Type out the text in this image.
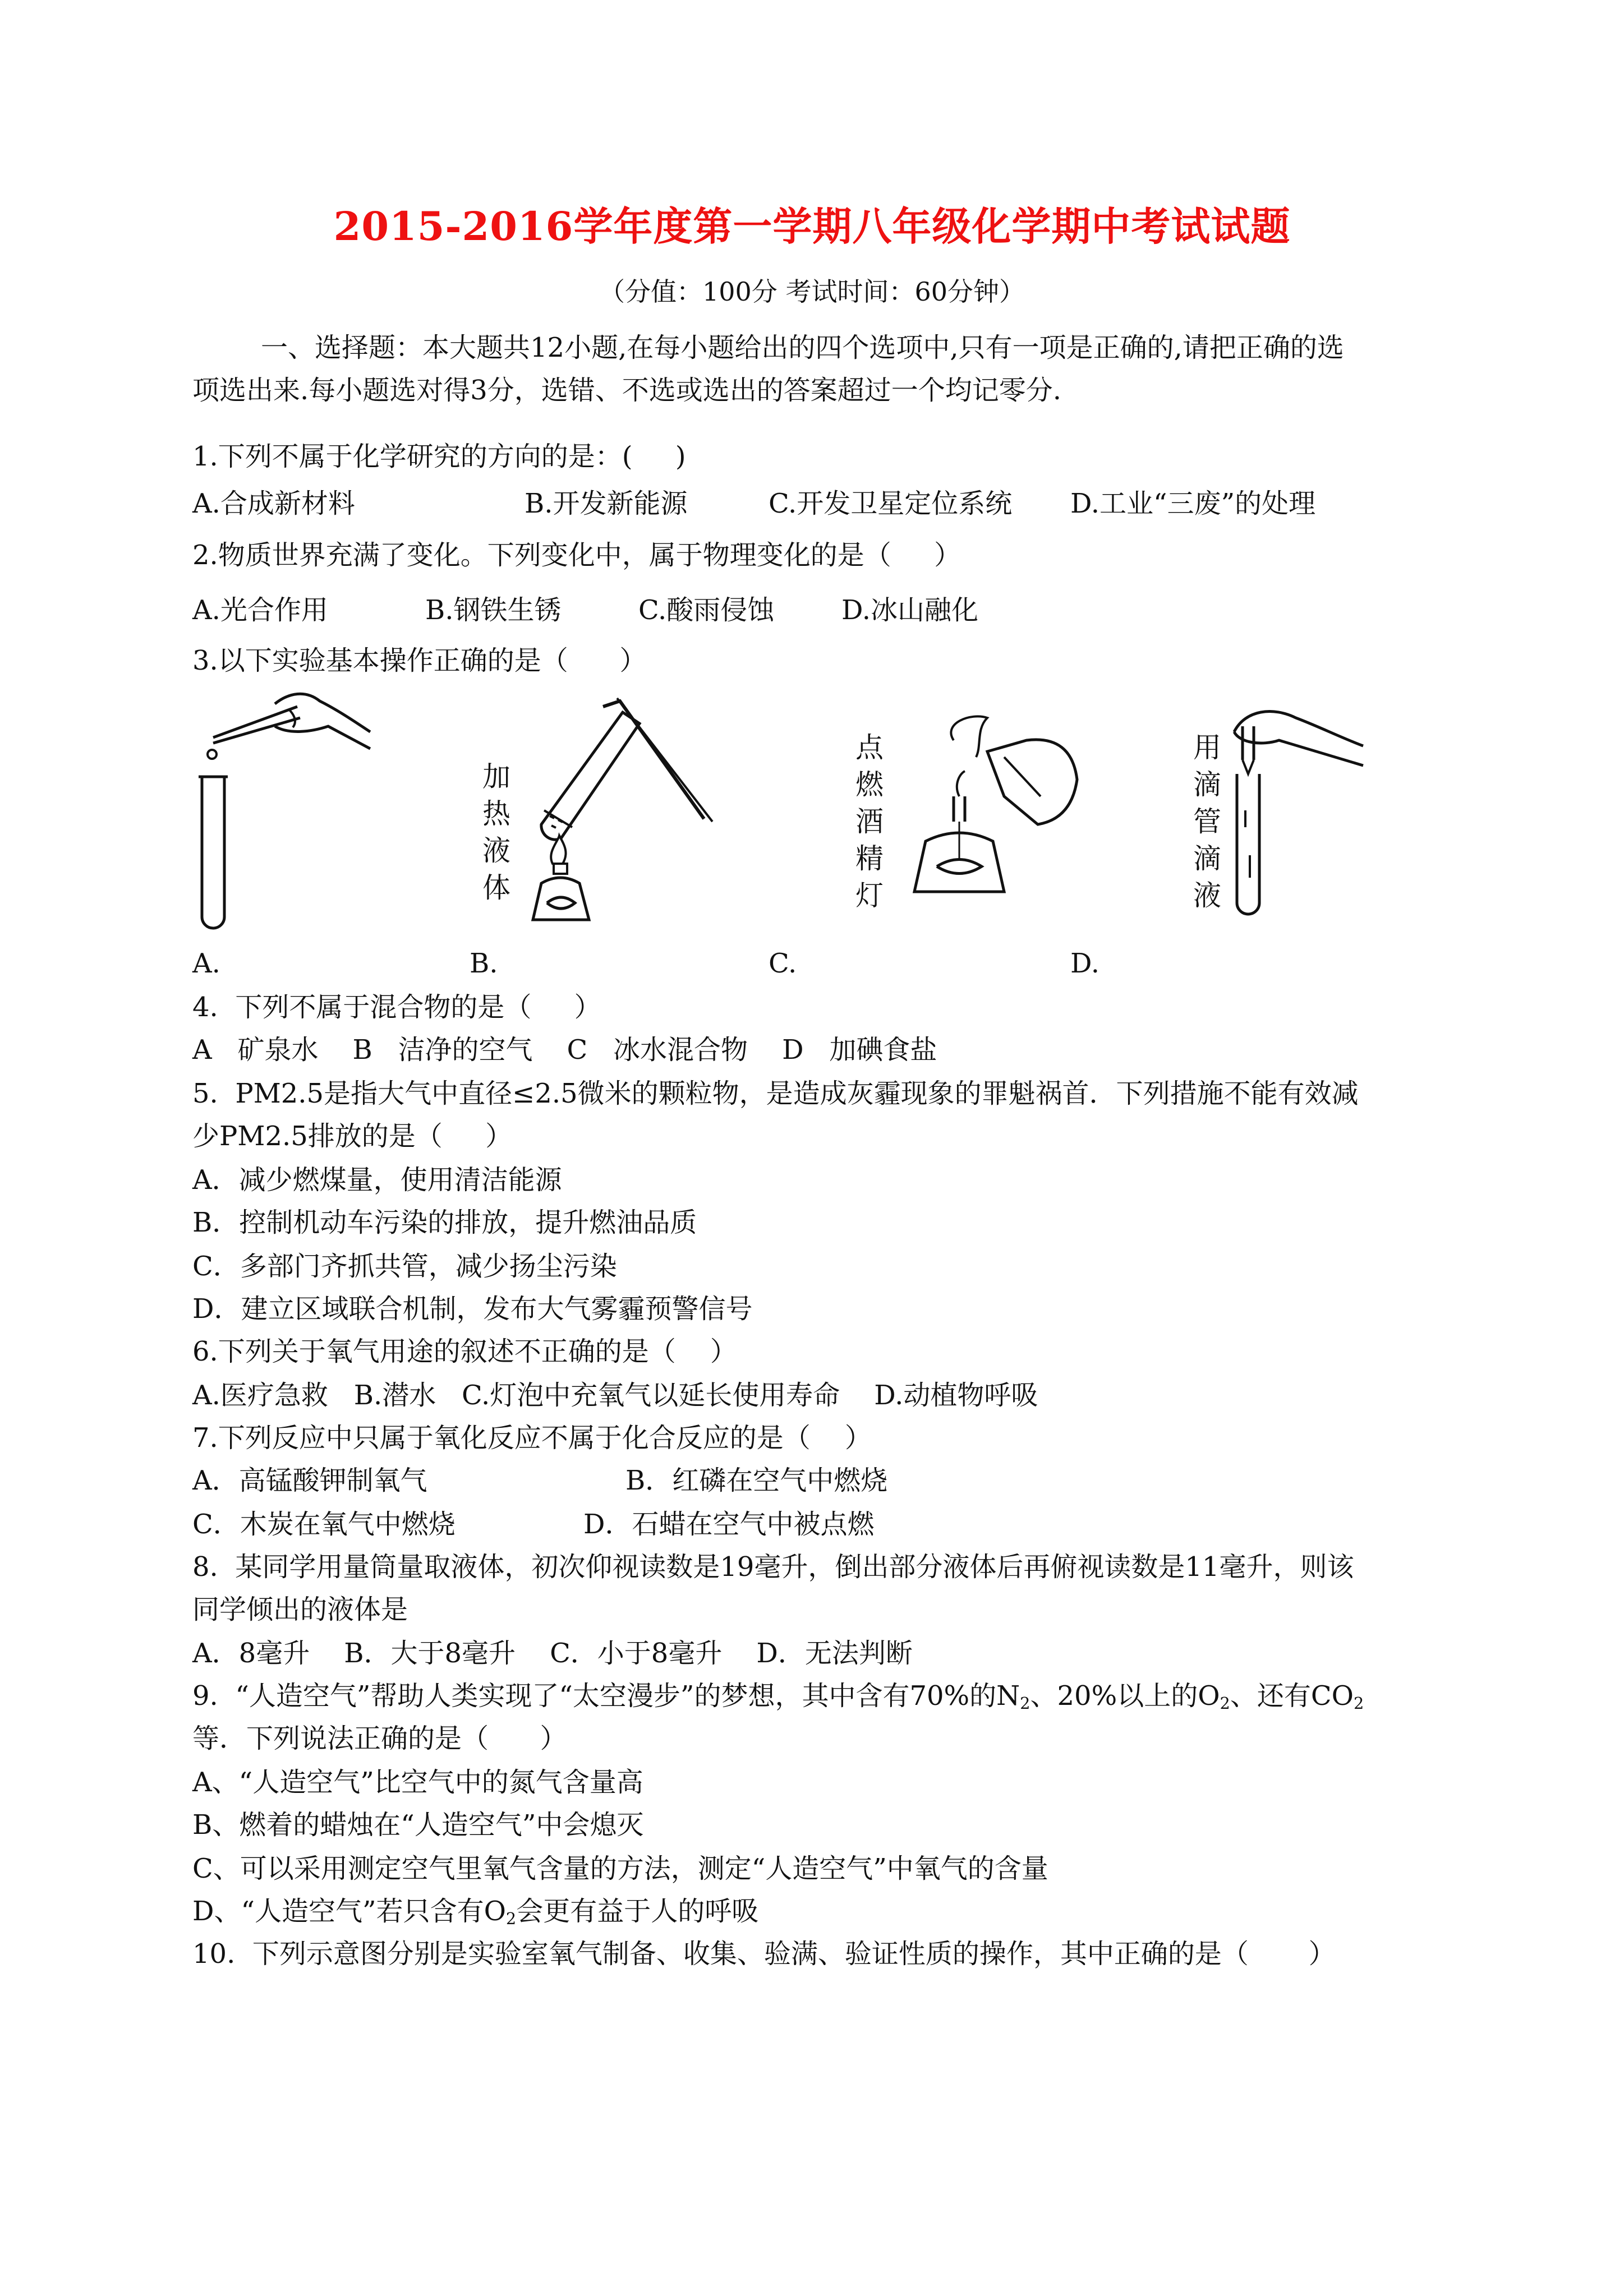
2015-2016学年度第一学期八年级化学期中考试试题
（分值：100分 考试时间：60分钟）
一、选择题：本大题共12小题,在每小题给出的四个选项中,只有一项是正确的,请把正确的选
项选出来.每小题选对得3分，选错、不选或选出的答案超过一个均记零分.
1.下列不属于化学研究的方向的是：(     )
A.合成新材料	B.开发新能源	C.开发卫星定位系统 D.工业“三废”的处理
2.物质世界充满了变化。下列变化中，属于物理变化的是（     ）
A.光合作用	B.钢铁生锈	C.酸雨侵蚀 D.冰山融化
3.以下实验基本操作正确的是（      ）
加热液体
点燃酒精灯
用滴管滴液
A.	B.	C.	D.
4.  下列不属于混合物的是（     ）
A   矿泉水    B   洁净的空气    C   冰水混合物    D   加碘食盐
5.  PM2.5是指大气中直径≤2.5微米的颗粒物，是造成灰霾现象的罪魁祸首．下列措施不能有效减
少PM2.5排放的是（     ）
A．减少燃煤量，使用清洁能源
B．控制机动车污染的排放，提升燃油品质
C．多部门齐抓共管，减少扬尘污染
D．建立区域联合机制，发布大气雾霾预警信号
6.下列关于氧气用途的叙述不正确的是（    ）
A.医疗急救   B.潜水   C.灯泡中充氧气以延长使用寿命    D.动植物呼吸
7.下列反应中只属于氧化反应不属于化合反应的是（    ）
A．高锰酸钾制氧气	B．红磷在空气中燃烧
C．木炭在氧气中燃烧	D．石蜡在空气中被点燃
8.  某同学用量筒量取液体，初次仰视读数是19毫升，倒出部分液体后再俯视读数是11毫升，则该
同学倾出的液体是
A．8毫升    B．大于8毫升    C．小于8毫升    D．无法判断
9.  “人造空气”帮助人类实现了“太空漫步”的梦想，其中含有70%的$N_2$、20%以上的$O_2$、还有$CO_2$
等．下列说法正确的是（      ）
A、“人造空气”比空气中的氮气含量高
B、燃着的蜡烛在“人造空气”中会熄灭
C、可以采用测定空气里氧气含量的方法，测定“人造空气”中氧气的含量
D、“人造空气”若只含有$O_2$会更有益于人的呼吸
10.  下列示意图分别是实验室氧气制备、收集、验满、验证性质的操作，其中正确的是（       ）
